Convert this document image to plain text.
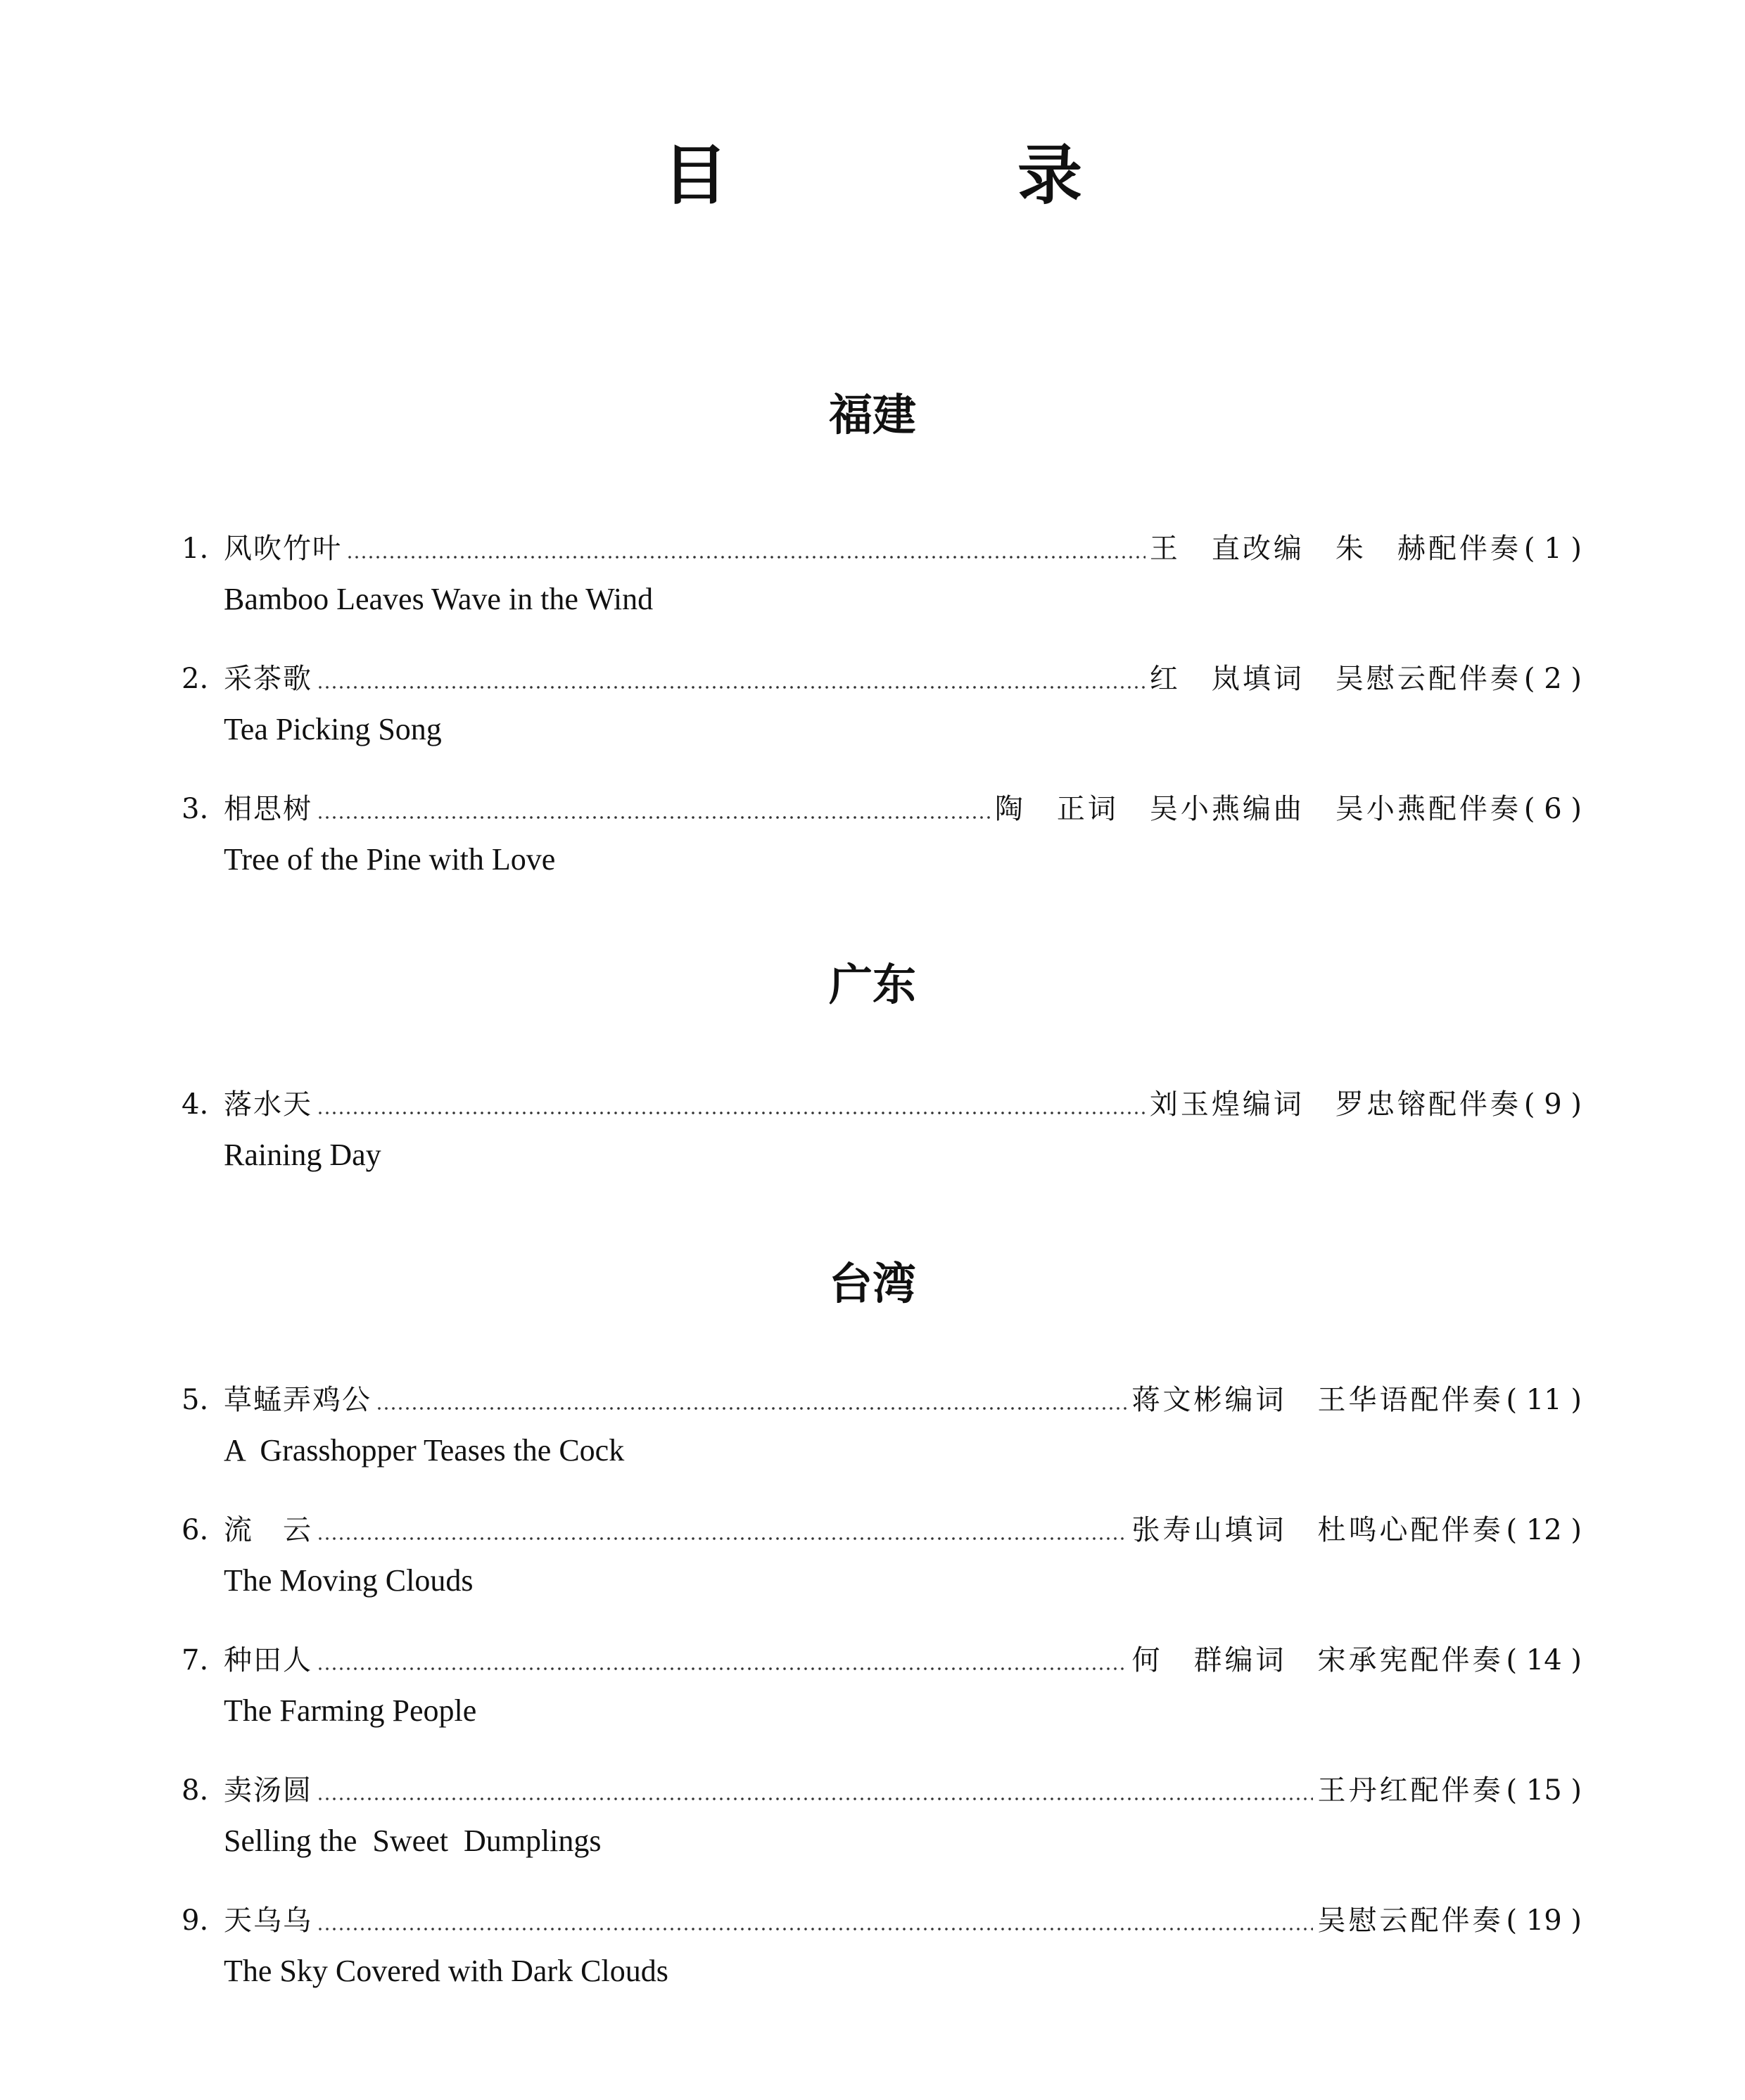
目　录
福建
1. 风吹竹叶	王　直改编　朱　赫配伴奏 ( 1 )
Bamboo Leaves Wave in the Wind
2. 采茶歌	红　岚填词　吴慰云配伴奏 ( 2 )
Tea Picking Song
3. 相思树	陶　正词　吴小燕编曲　吴小燕配伴奏 ( 6 )
Tree of the Pine with Love
广东
4. 落水天	刘玉煌编词　罗忠镕配伴奏 ( 9 )
Raining Day
台湾
5. 草蜢弄鸡公	蒋文彬编词　王华语配伴奏 ( 11 )
A  Grasshopper Teases the Cock
6. 流　云	张寿山填词　杜鸣心配伴奏 ( 12 )
The Moving Clouds
7. 种田人	何　群编词　宋承宪配伴奏 ( 14 )
The Farming People
8. 卖汤圆	王丹红配伴奏 ( 15 )
Selling the  Sweet  Dumplings
9. 天乌乌	吴慰云配伴奏 ( 19 )
The Sky Covered with Dark Clouds
